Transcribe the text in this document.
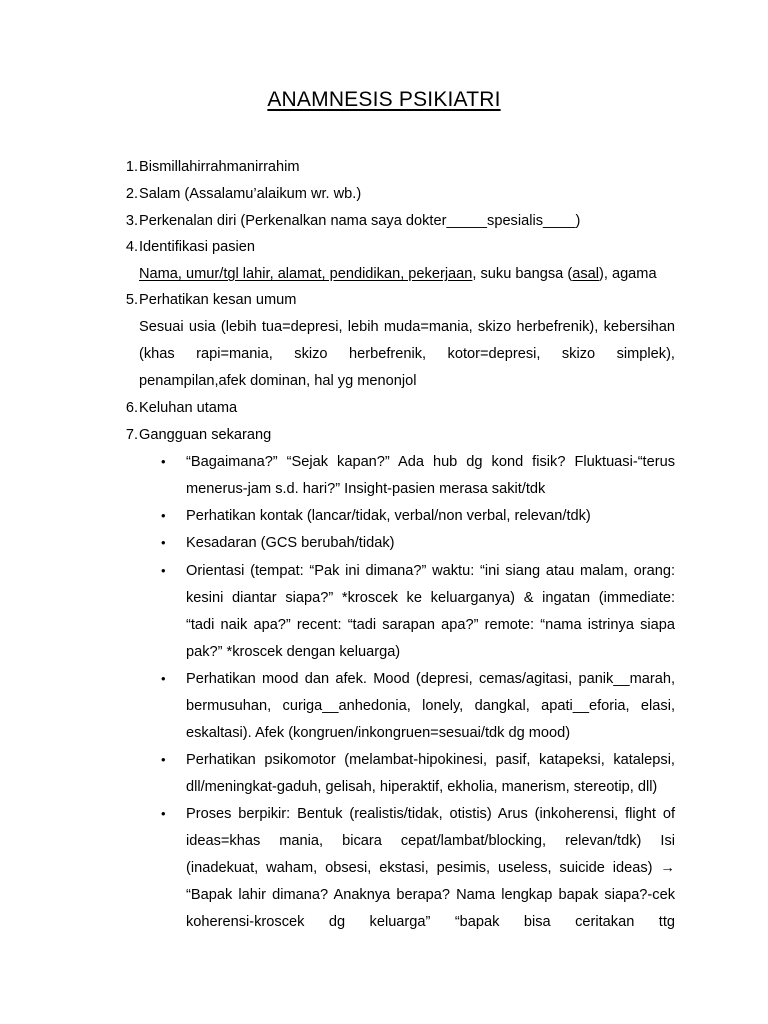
ANAMNESIS PSIKIATRI
1. Bismillahirrahmanirrahim
2. Salam (Assalamu’alaikum wr. wb.)
3. Perkenalan diri (Perkenalkan nama saya dokter_____spesialis____)
4. Identifikasi pasien
Nama, umur/tgl lahir, alamat, pendidikan, pekerjaan, suku bangsa (asal), agama
5. Perhatikan kesan umum
Sesuai usia (lebih tua=depresi, lebih muda=mania, skizo herbefrenik), kebersihan
(khas rapi=mania, skizo herbefrenik, kotor=depresi, skizo simplek),
penampilan,afek dominan, hal yg menonjol
6. Keluhan utama
7. Gangguan sekarang
• “Bagaimana?” “Sejak kapan?” Ada hub dg kond fisik? Fluktuasi-“terus
menerus-jam s.d. hari?” Insight-pasien merasa sakit/tdk
• Perhatikan kontak (lancar/tidak, verbal/non verbal, relevan/tdk)
• Kesadaran (GCS berubah/tidak)
• Orientasi (tempat: “Pak ini dimana?” waktu: “ini siang atau malam, orang:
kesini diantar siapa?” *kroscek ke keluarganya) & ingatan (immediate:
“tadi naik apa?” recent: “tadi sarapan apa?” remote: “nama istrinya siapa
pak?” *kroscek dengan keluarga)
• Perhatikan mood dan afek. Mood (depresi, cemas/agitasi, panik__marah,
bermusuhan, curiga__anhedonia, lonely, dangkal, apati__eforia, elasi,
eskaltasi). Afek (kongruen/inkongruen=sesuai/tdk dg mood)
• Perhatikan psikomotor (melambat-hipokinesi, pasif, katapeksi, katalepsi,
dll/meningkat-gaduh, gelisah, hiperaktif, ekholia, manerism, stereotip, dll)
• Proses berpikir: Bentuk (realistis/tidak, otistis) Arus (inkoherensi, flight of
ideas=khas mania, bicara cepat/lambat/blocking, relevan/tdk) Isi
(inadekuat, waham, obsesi, ekstasi, pesimis, useless, suicide ideas) →
“Bapak lahir dimana? Anaknya berapa? Nama lengkap bapak siapa?-cek
koherensi-kroscek dg keluarga” “bapak bisa ceritakan ttg
